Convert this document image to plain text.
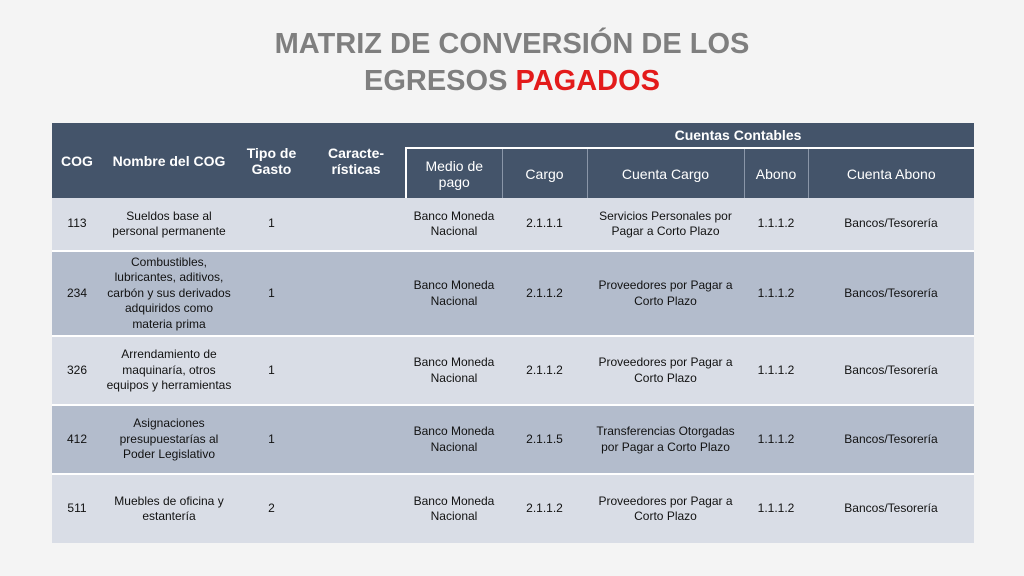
MATRIZ DE CONVERSIÓN DE LOS
EGRESOS PAGADOS
COG	Nombre del COG	Tipo de Gasto	Caracte-rísticas		Cuentas Contables			
				Medio de pago	Cargo	Cuenta Cargo	Abono	Cuenta Abono
113	Sueldos base al personal permanente	1		Banco Moneda Nacional	2.1.1.1	Servicios Personales por Pagar a Corto Plazo	1.1.1.2	Bancos/Tesorería
234	Combustibles, lubricantes, aditivos, carbón y sus derivados adquiridos como materia prima	1		Banco Moneda Nacional	2.1.1.2	Proveedores por Pagar a Corto Plazo	1.1.1.2	Bancos/Tesorería
326	Arrendamiento de maquinaría, otros equipos y herramientas	1		Banco Moneda Nacional	2.1.1.2	Proveedores por Pagar a Corto Plazo	1.1.1.2	Bancos/Tesorería
412	Asignaciones presupuestarías al Poder Legislativo	1		Banco Moneda Nacional	2.1.1.5	Transferencias Otorgadas por Pagar a Corto Plazo	1.1.1.2	Bancos/Tesorería
511	Muebles de oficina y estantería	2		Banco Moneda Nacional	2.1.1.2	Proveedores por Pagar a Corto Plazo	1.1.1.2	Bancos/Tesorería
